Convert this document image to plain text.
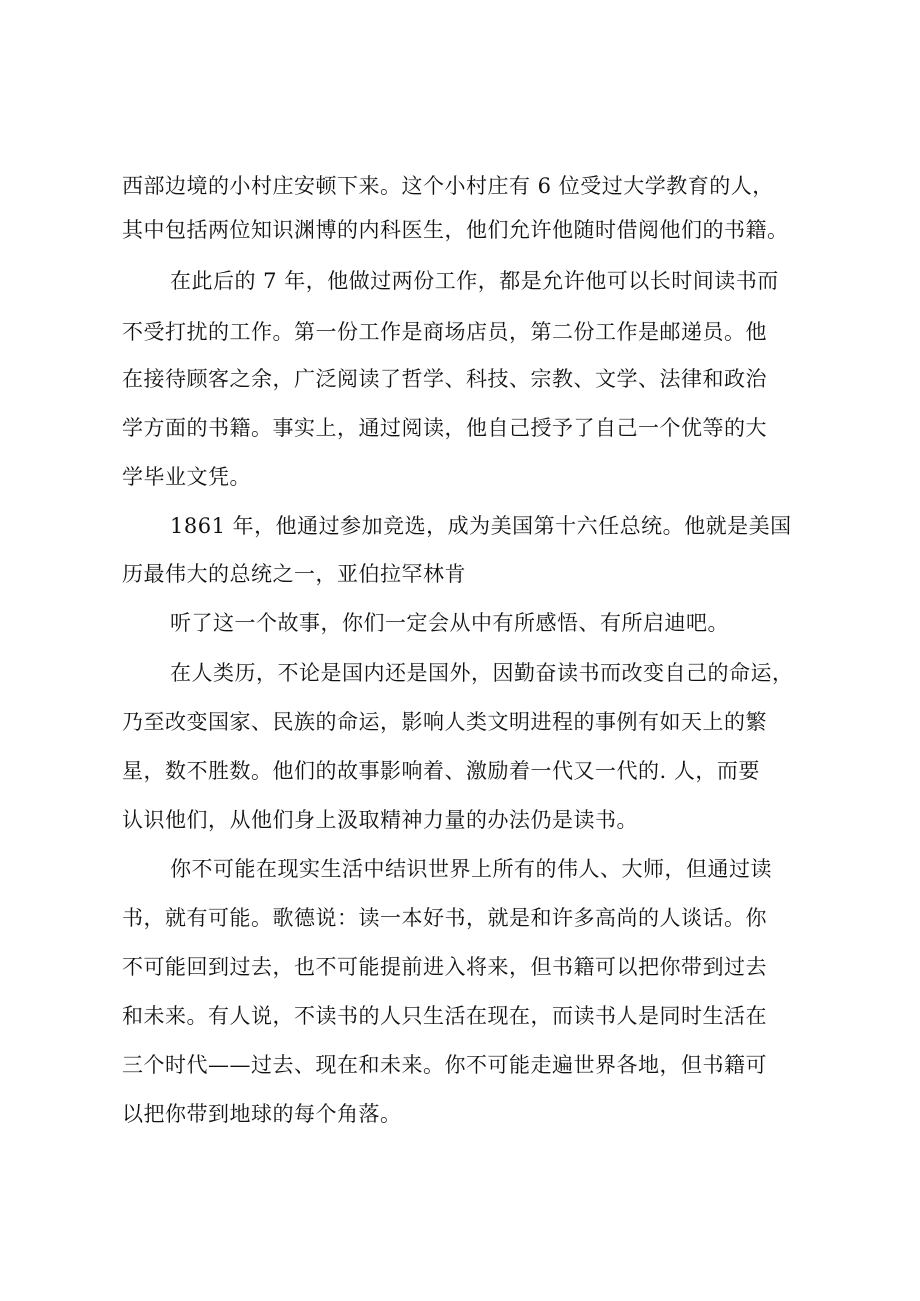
西部边境的小村庄安顿下来。这个小村庄有 6 位受过大学教育的人，
其中包括两位知识渊博的内科医生，他们允许他随时借阅他们的书籍。
在此后的 7 年，他做过两份工作，都是允许他可以长时间读书而
不受打扰的工作。第一份工作是商场店员，第二份工作是邮递员。他
在接待顾客之余，广泛阅读了哲学、科技、宗教、文学、法律和政治
学方面的书籍。事实上，通过阅读，他自己授予了自己一个优等的大
学毕业文凭。
1861 年，他通过参加竞选，成为美国第十六任总统。他就是美国
历最伟大的总统之一，亚伯拉罕林肯
听了这一个故事，你们一定会从中有所感悟、有所启迪吧。
在人类历，不论是国内还是国外，因勤奋读书而改变自己的命运，
乃至改变国家、民族的命运，影响人类文明进程的事例有如天上的繁
星，数不胜数。他们的故事影响着、激励着一代又一代的. 人，而要
认识他们，从他们身上汲取精神力量的办法仍是读书。
你不可能在现实生活中结识世界上所有的伟人、大师，但通过读
书，就有可能。歌德说：读一本好书，就是和许多高尚的人谈话。你
不可能回到过去，也不可能提前进入将来，但书籍可以把你带到过去
和未来。有人说，不读书的人只生活在现在，而读书人是同时生活在
三个时代——过去、现在和未来。你不可能走遍世界各地，但书籍可
以把你带到地球的每个角落。
